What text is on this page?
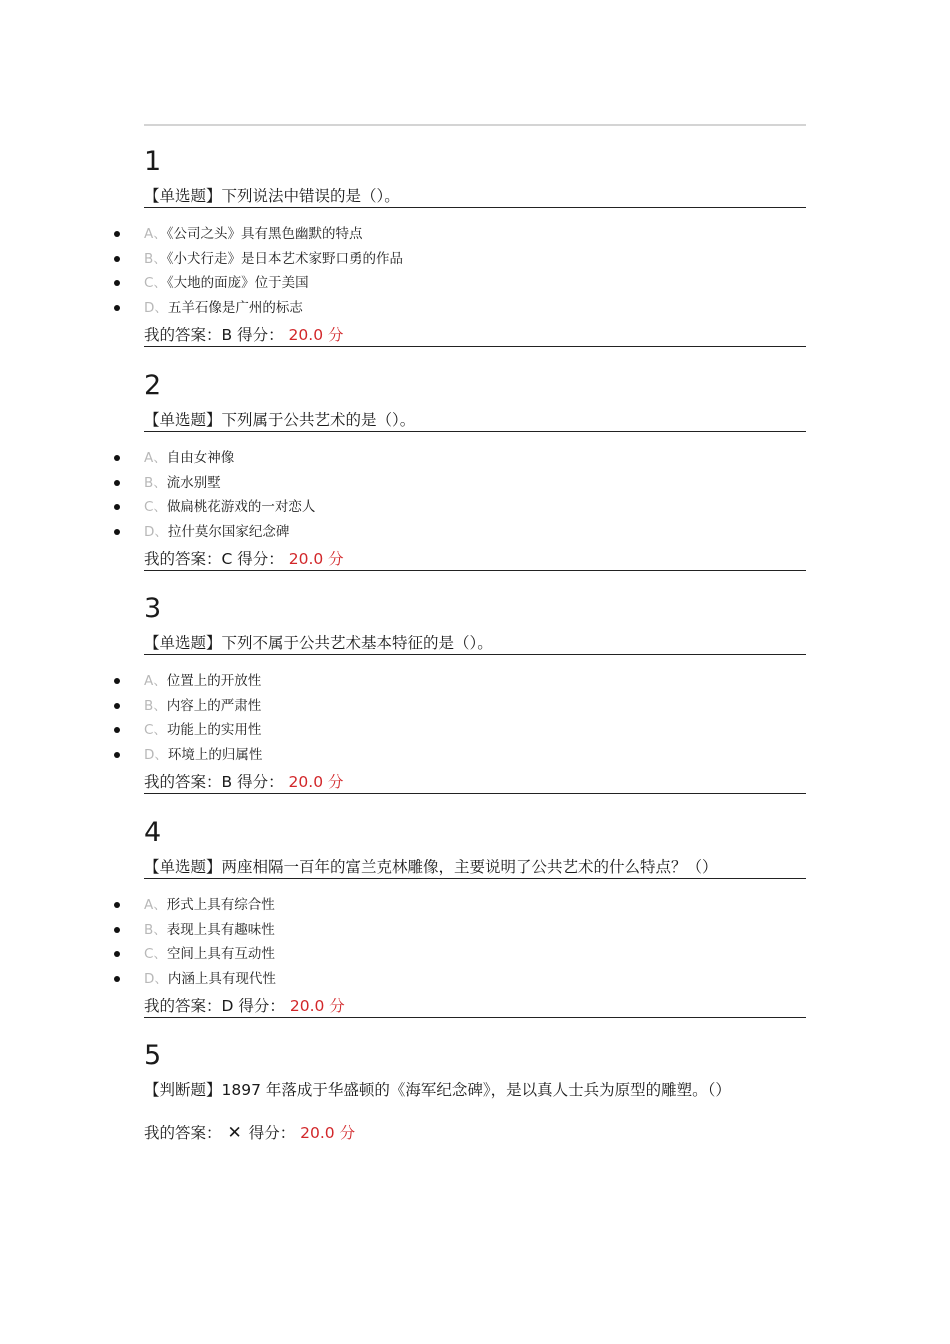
1
【单选题】下列说法中错误的是（）。
A、《公司之头》具有黑色幽默的特点
B、《小犬行走》是日本艺术家野口勇的作品
C、《大地的面庞》位于美国
D、五羊石像是广州的标志
我的答案：B 得分： 20.0 分
2
【单选题】下列属于公共艺术的是（）。
A、自由女神像
B、流水别墅
C、做扁桃花游戏的一对恋人
D、拉什莫尔国家纪念碑
我的答案：C 得分： 20.0 分
3
【单选题】下列不属于公共艺术基本特征的是（）。
A、位置上的开放性
B、内容上的严肃性
C、功能上的实用性
D、环境上的归属性
我的答案：B 得分： 20.0 分
4
【单选题】两座相隔一百年的富兰克林雕像，主要说明了公共艺术的什么特点？（）
A、形式上具有综合性
B、表现上具有趣味性
C、空间上具有互动性
D、内涵上具有现代性
我的答案：D 得分： 20.0 分
5
【判断题】1897 年落成于华盛顿的《海军纪念碑》，是以真人士兵为原型的雕塑。（）
我的答案： ✕ 得分： 20.0 分
